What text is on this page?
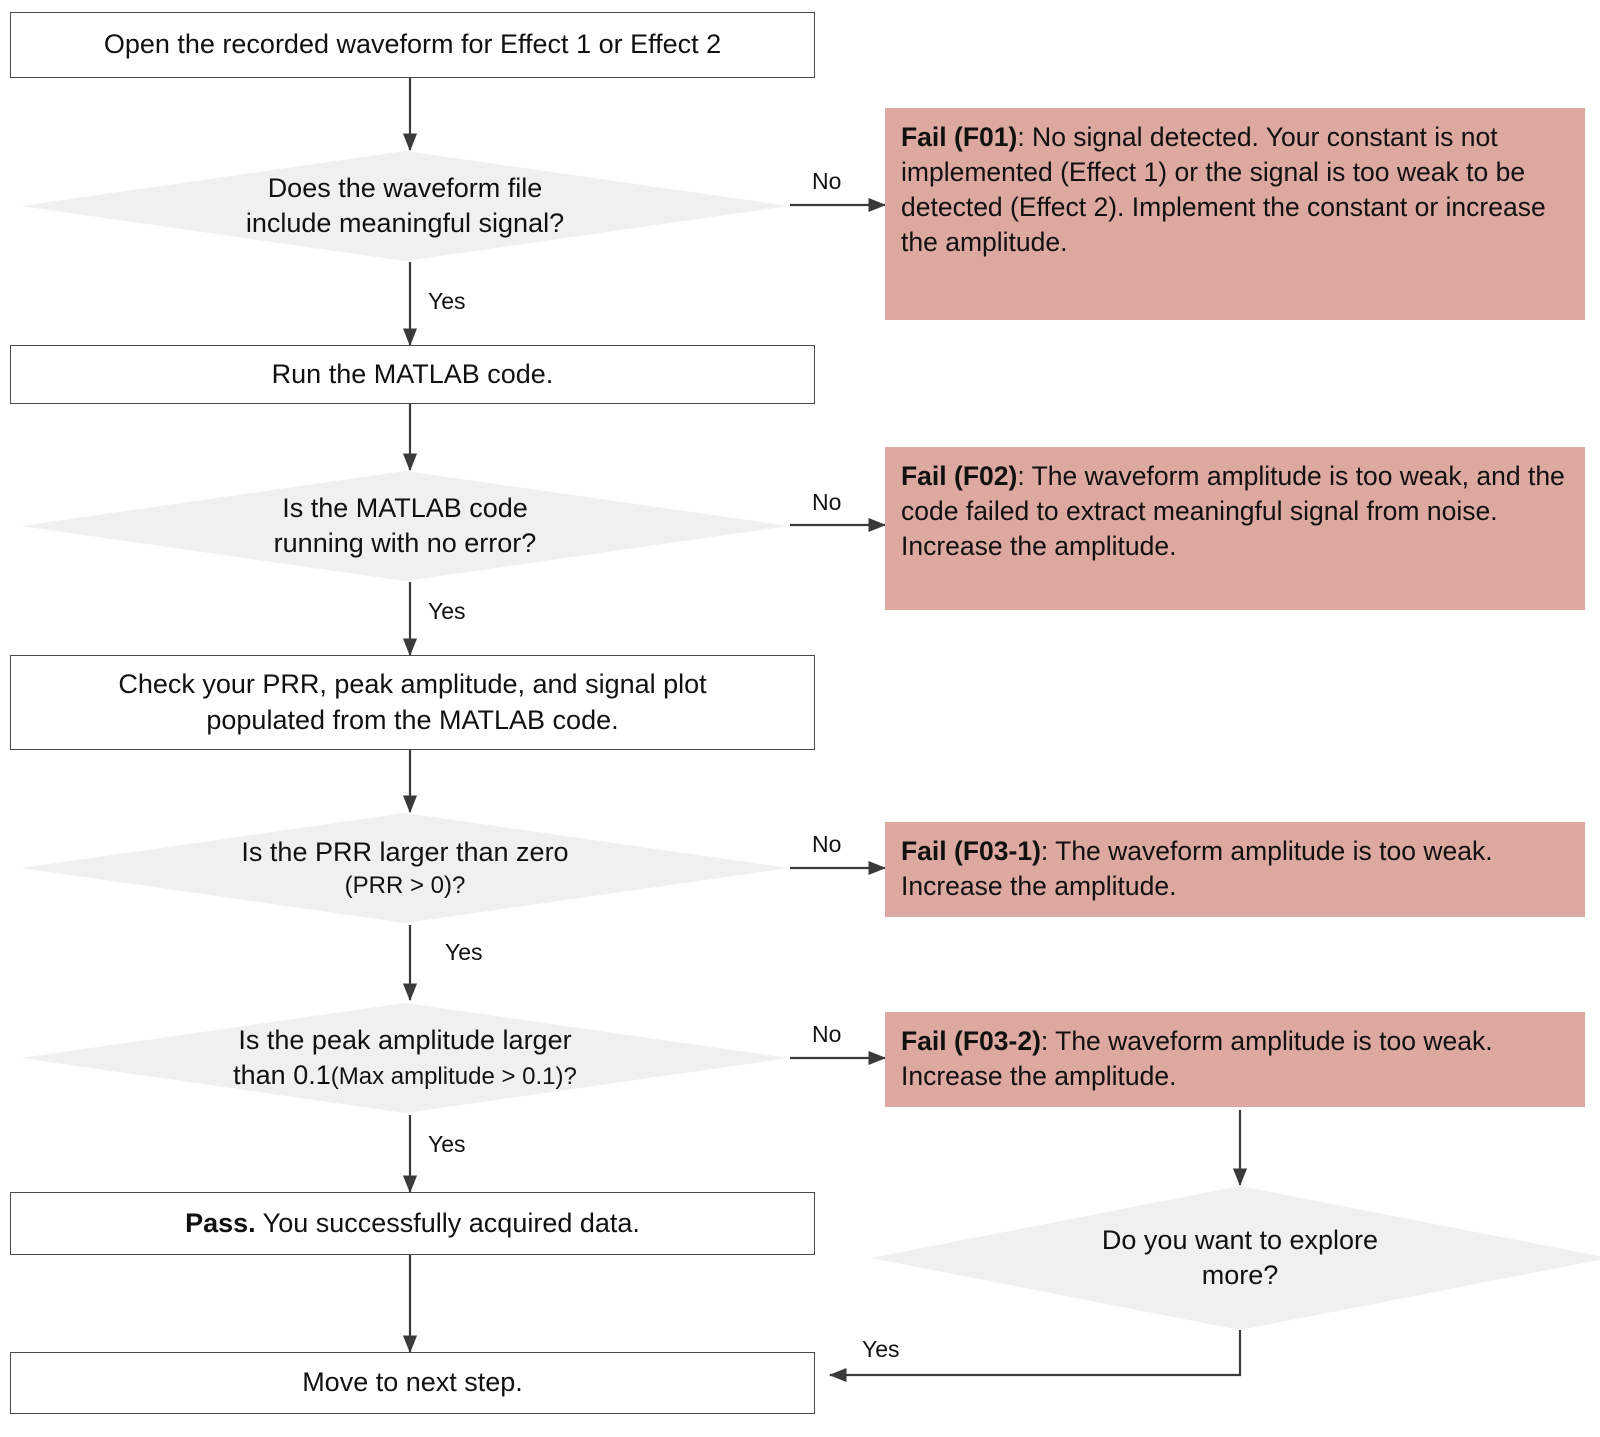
Open the recorded waveform for Effect 1 or Effect 2
Does the waveform file
include meaningful signal?
Fail (F01): No signal detected. Your constant is not implemented (Effect 1) or the signal is too weak to be detected (Effect 2). Implement the constant or increase the amplitude.
Run the MATLAB code.
Is the MATLAB code
running with no error?
Fail (F02): The waveform amplitude is too weak, and the code failed to extract meaningful signal from noise. Increase the amplitude.
Check your PRR, peak amplitude, and signal plot
populated from the MATLAB code.
Is the PRR larger than zero
(PRR > 0)?
Fail (F03-1): The waveform amplitude is too weak. Increase the amplitude.
Is the peak amplitude larger
than 0.1(Max amplitude > 0.1)?
Fail (F03-2): The waveform amplitude is too weak. Increase the amplitude.
Pass. You successfully acquired data.
Do you want to explore
more?
Move to next step.
No
Yes
No
Yes
No
Yes
No
Yes
Yes
